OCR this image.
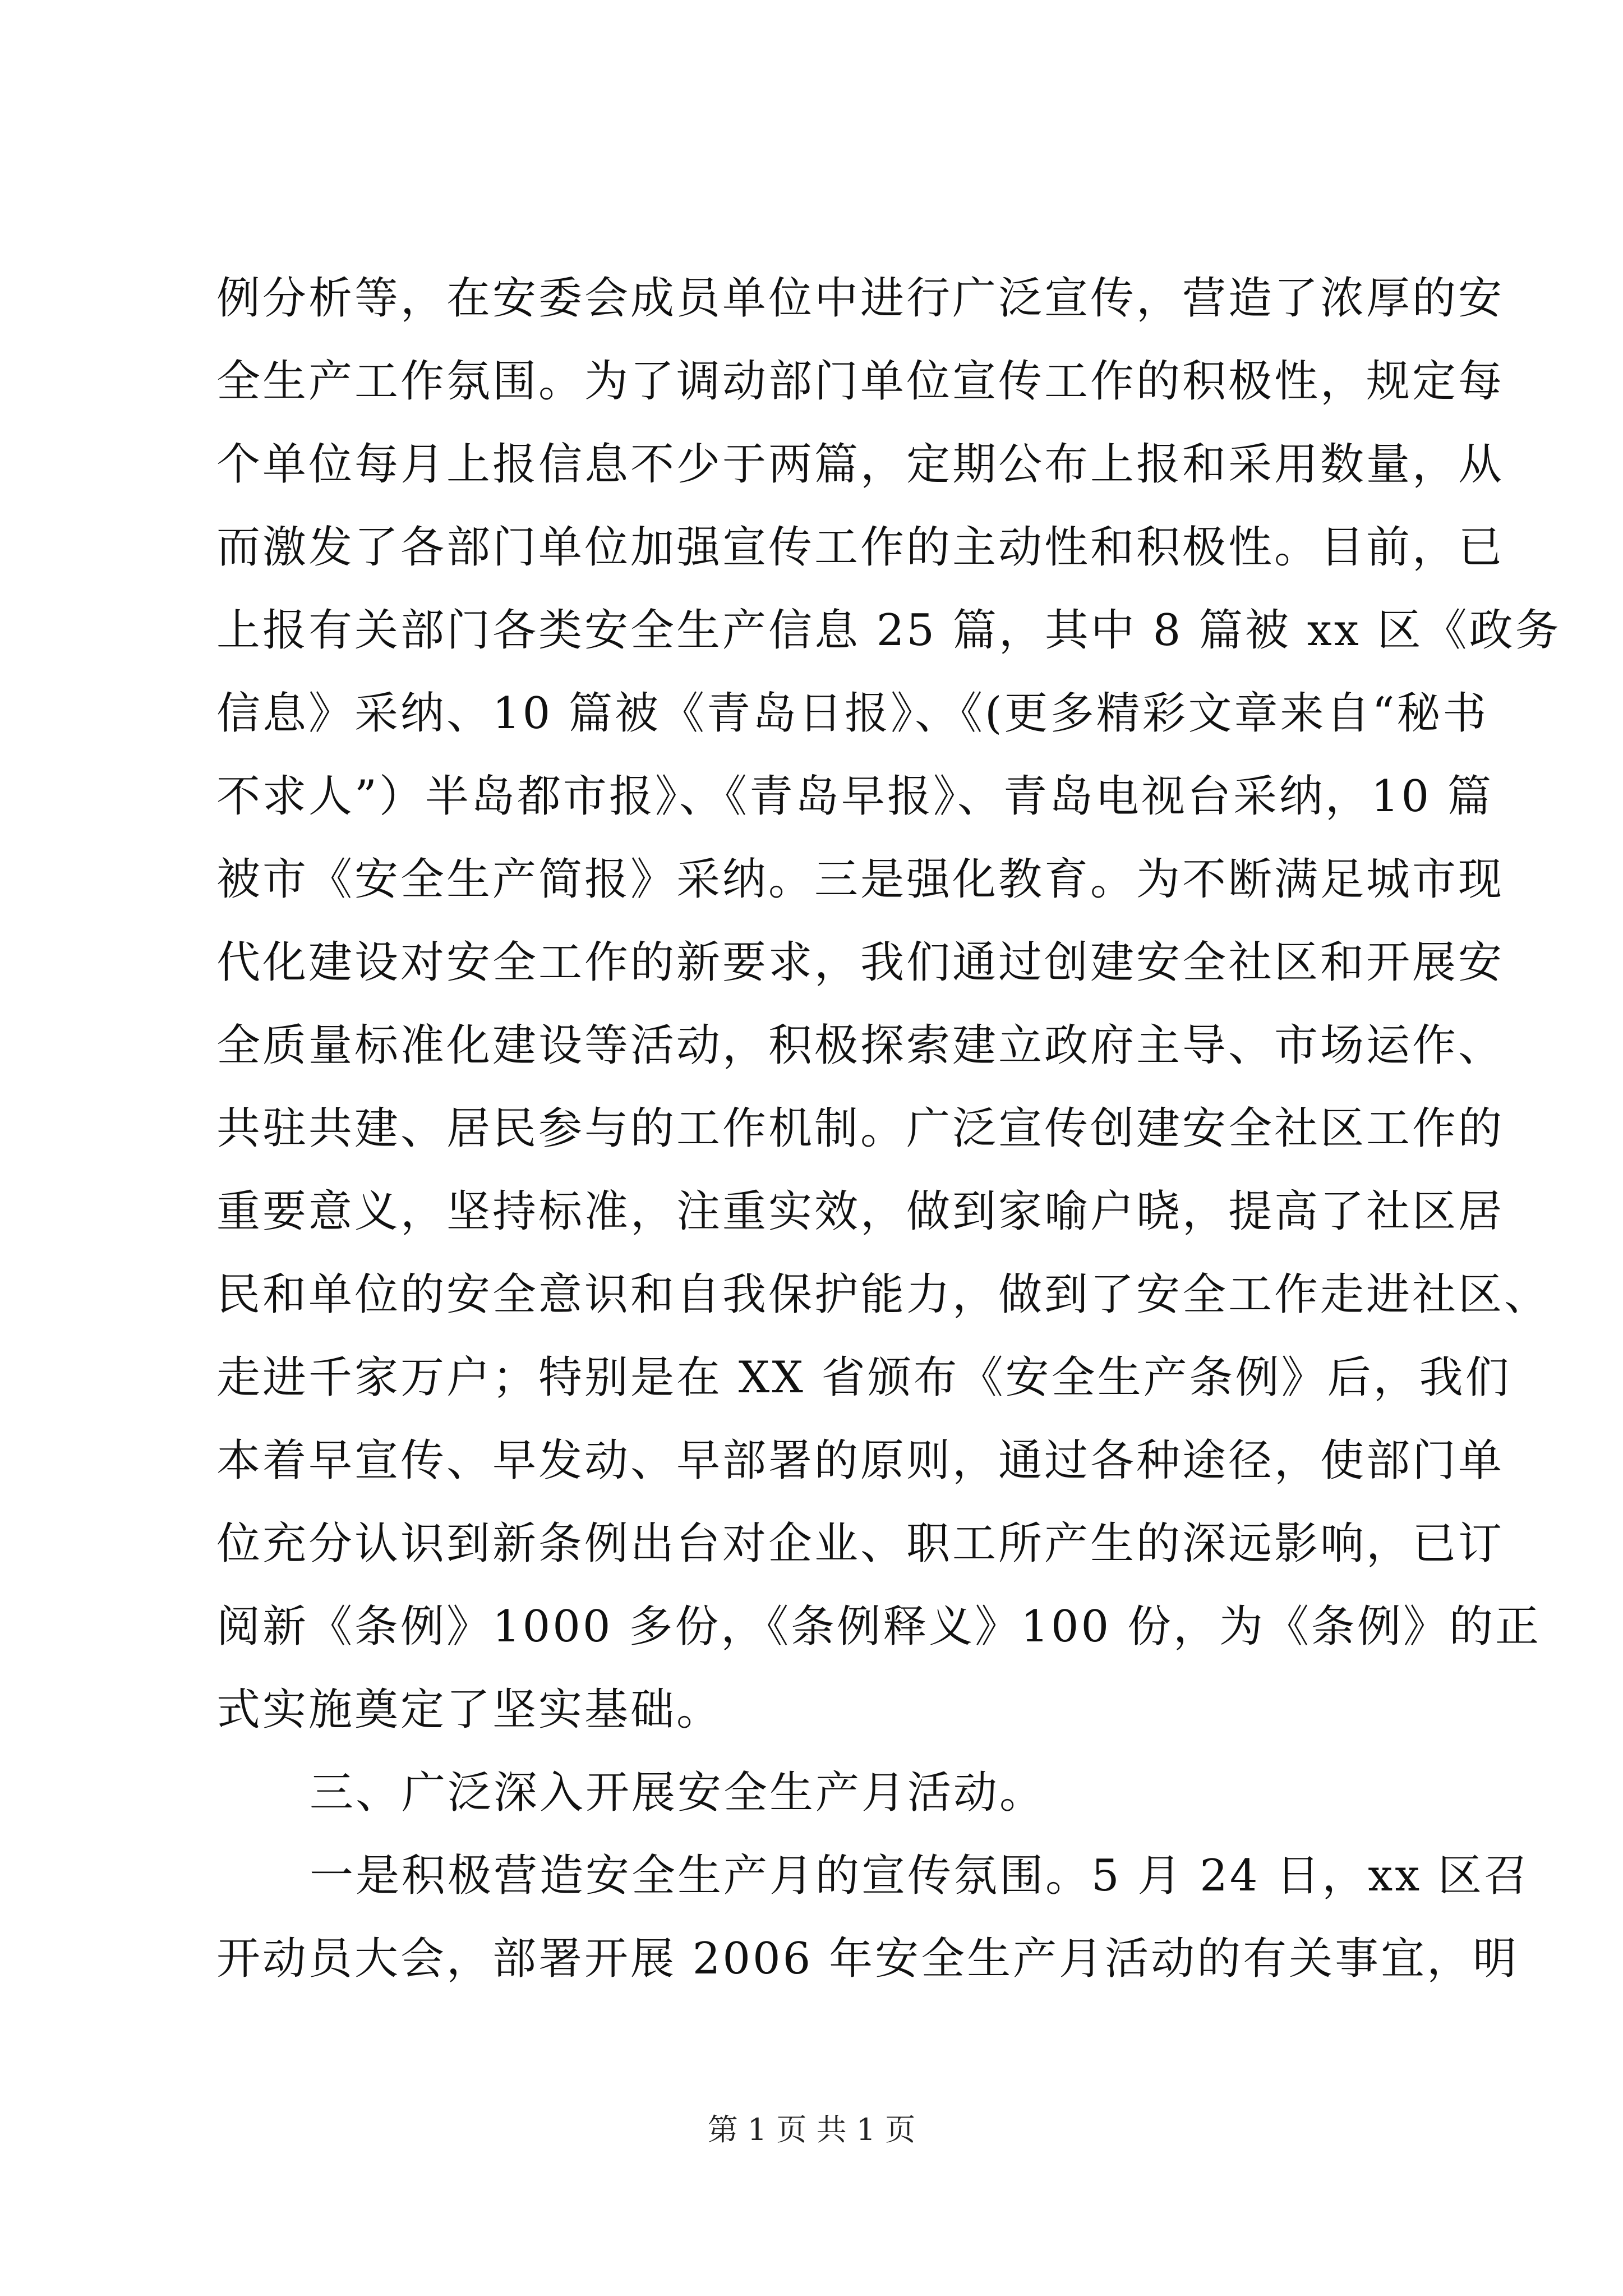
例分析等，在安委会成员单位中进行广泛宣传，营造了浓厚的安
全生产工作氛围。为了调动部门单位宣传工作的积极性，规定每
个单位每月上报信息不少于两篇，定期公布上报和采用数量，从
而激发了各部门单位加强宣传工作的主动性和积极性。目前，已
上报有关部门各类安全生产信息 25 篇，其中 8 篇被 xx 区《政务
信息》采纳、10 篇被《青岛日报》、《(更多精彩文章来自“秘书
不求人”）半岛都市报》、《青岛早报》、青岛电视台采纳，10 篇
被市《安全生产简报》采纳。三是强化教育。为不断满足城市现
代化建设对安全工作的新要求，我们通过创建安全社区和开展安
全质量标准化建设等活动，积极探索建立政府主导、市场运作、
共驻共建、居民参与的工作机制。广泛宣传创建安全社区工作的
重要意义，坚持标准，注重实效，做到家喻户晓，提高了社区居
民和单位的安全意识和自我保护能力，做到了安全工作走进社区、
走进千家万户；特别是在 XX 省颁布《安全生产条例》后，我们
本着早宣传、早发动、早部署的原则，通过各种途径，使部门单
位充分认识到新条例出台对企业、职工所产生的深远影响，已订
阅新《条例》1000 多份，《条例释义》100 份，为《条例》的正
式实施奠定了坚实基础。
三、广泛深入开展安全生产月活动。
一是积极营造安全生产月的宣传氛围。5 月 24 日，xx 区召
开动员大会，部署开展 2006 年安全生产月活动的有关事宜，明
第 1 页 共 1 页
